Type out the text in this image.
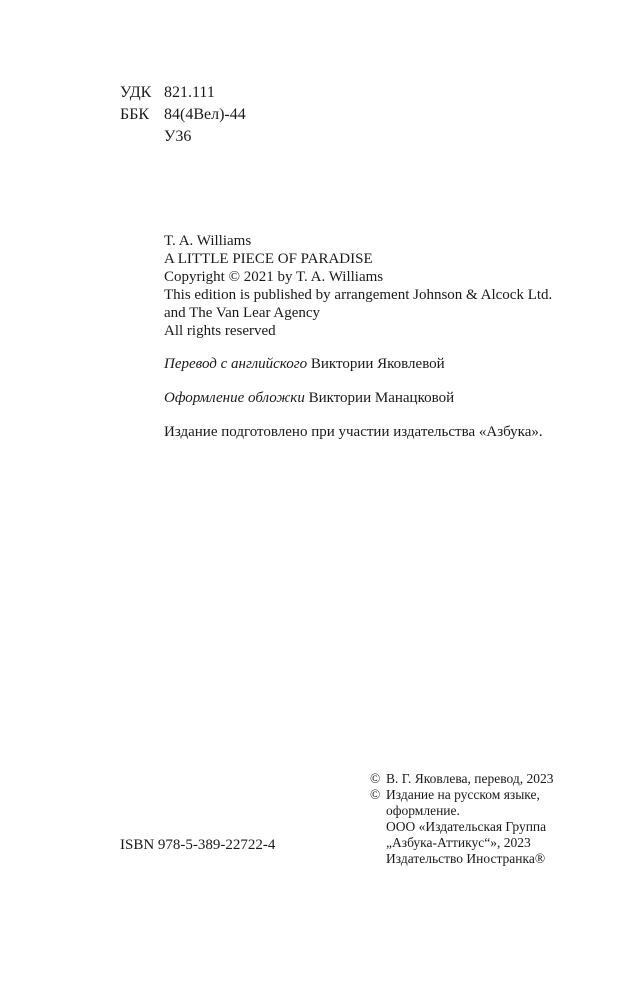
УДК 821.111
ББК 84(4Вел)-44
У36
T. A. Williams
A LITTLE PIECE OF PARADISE
Copyright © 2021 by T. A. Williams
This edition is published by arrangement Johnson & Alcock Ltd.
and The Van Lear Agency
All rights reserved
Перевод с английского Виктории Яковлевой
Оформление обложки Виктории Манацковой
Издание подготовлено при участии издательства «Азбука».
© В. Г. Яковлева, перевод, 2023
© Издание на русском языке,
оформление.
ООО «Издательская Группа
„Азбука-Аттикус“», 2023
Издательство Иностранка®
ISBN 978-5-389-22722-4
